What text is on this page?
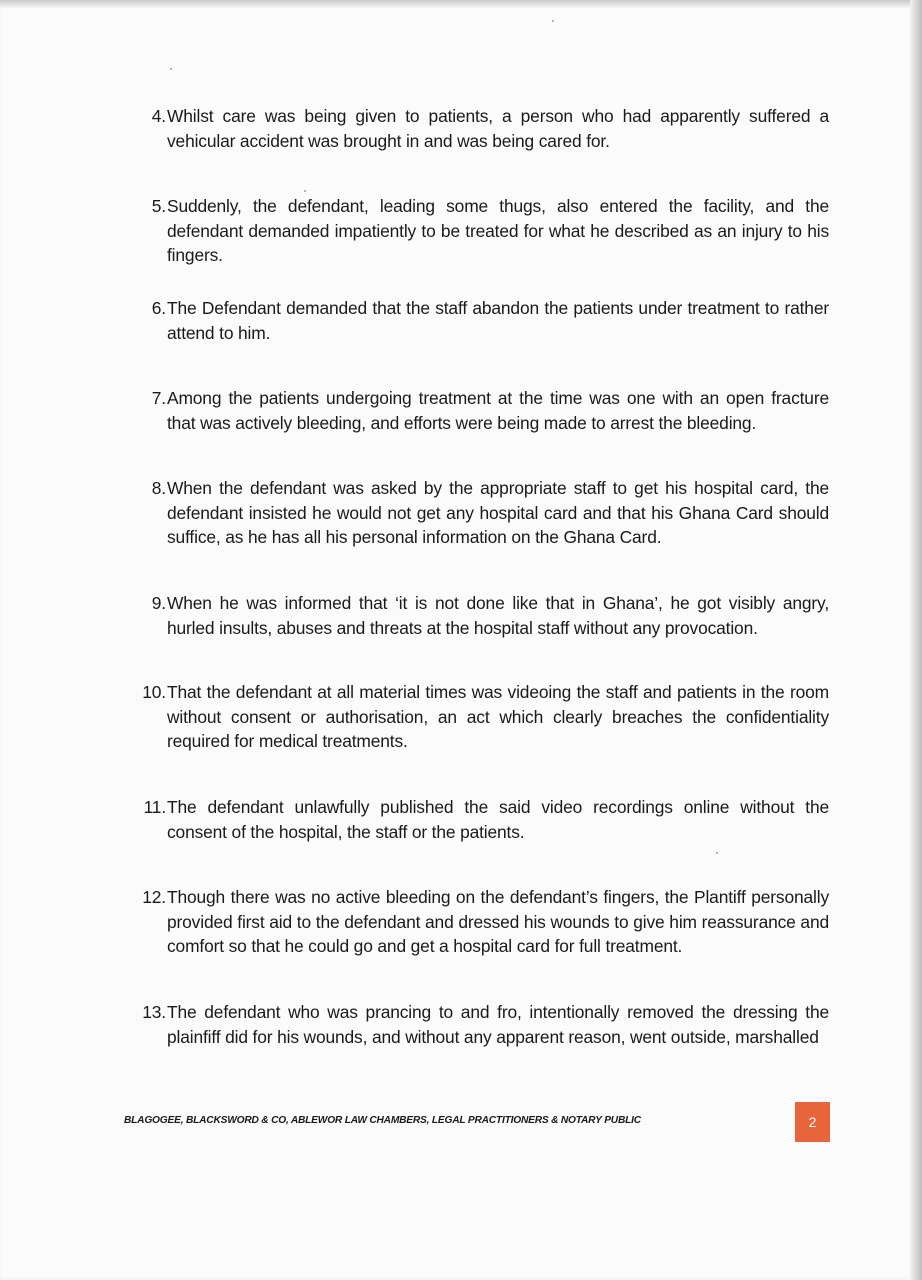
4. Whilst care was being given to patients, a person who had apparently suffered a vehicular accident was brought in and was being cared for.
5. Suddenly, the defendant, leading some thugs, also entered the facility, and the defendant demanded impatiently to be treated for what he described as an injury to his fingers.
6. The Defendant demanded that the staff abandon the patients under treatment to rather attend to him.
7. Among the patients undergoing treatment at the time was one with an open fracture that was actively bleeding, and efforts were being made to arrest the bleeding.
8. When the defendant was asked by the appropriate staff to get his hospital card, the defendant insisted he would not get any hospital card and that his Ghana Card should suffice, as he has all his personal information on the Ghana Card.
9. When he was informed that ‘it is not done like that in Ghana’, he got visibly angry, hurled insults, abuses and threats at the hospital staff without any provocation.
10. That the defendant at all material times was videoing the staff and patients in the room without consent or authorisation, an act which clearly breaches the confidentiality required for medical treatments.
11. The defendant unlawfully published the said video recordings online without the consent of the hospital, the staff or the patients.
12. Though there was no active bleeding on the defendant’s fingers, the Plantiff personally provided first aid to the defendant and dressed his wounds to give him reassurance and comfort so that he could go and get a hospital card for full treatment.
13. The defendant who was prancing to and fro, intentionally removed the dressing the plainfiff did for his wounds, and without any apparent reason, went outside, marshalled
BLAGOGEE, BLACKSWORD & CO, ABLEWOR LAW CHAMBERS, LEGAL PRACTITIONERS & NOTARY PUBLIC	2
